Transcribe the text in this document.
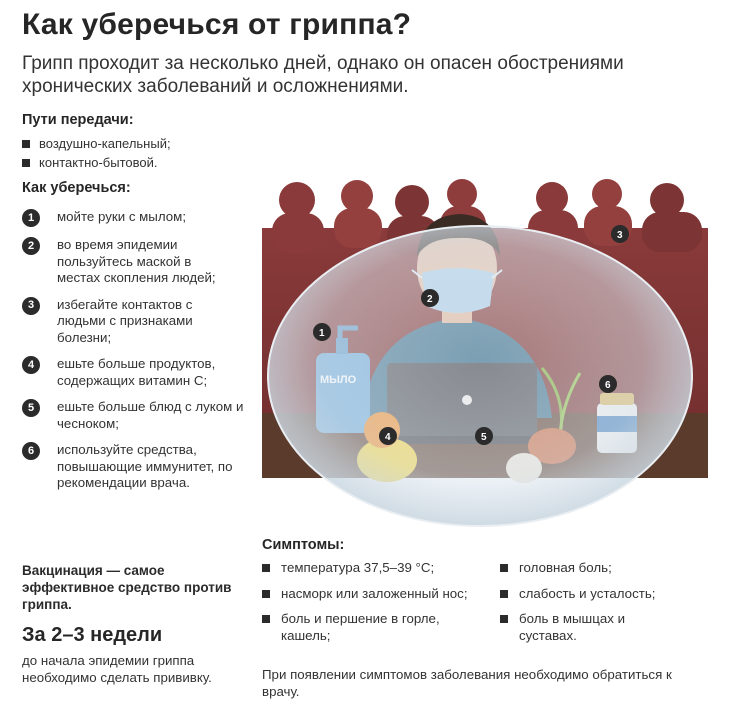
Как уберечься от гриппа?
Грипп проходит за несколько дней, однако он опасен обострениями хронических заболеваний и осложнениями.
Пути передачи:
воздушно-капельный;
контактно-бытовой.
Как уберечься:
1	мойте руки с мылом;
2	во время эпидемии пользуйтесь маской в местах скопления людей;
3	избегайте контактов с людьми с признаками болезни;
4	ешьте больше продуктов, содержащих витамин С;
5	ешьте больше блюд с луком и чесноком;
6	используйте средства, повышающие иммунитет, по рекомендации врача.
Вакцинация — самое эффективное средство против гриппа.
За 2–3 недели
до начала эпидемии гриппа необходимо сделать прививку.
1
2
3
4	5
6
Симптомы:
температура 37,5–39 °С;
насморк или заложенный нос;
боль и першение в горле, кашель;
головная боль;
слабость и усталость;
боль в мышцах и суставах.
При появлении симптомов заболевания необходимо обратиться к врачу.
